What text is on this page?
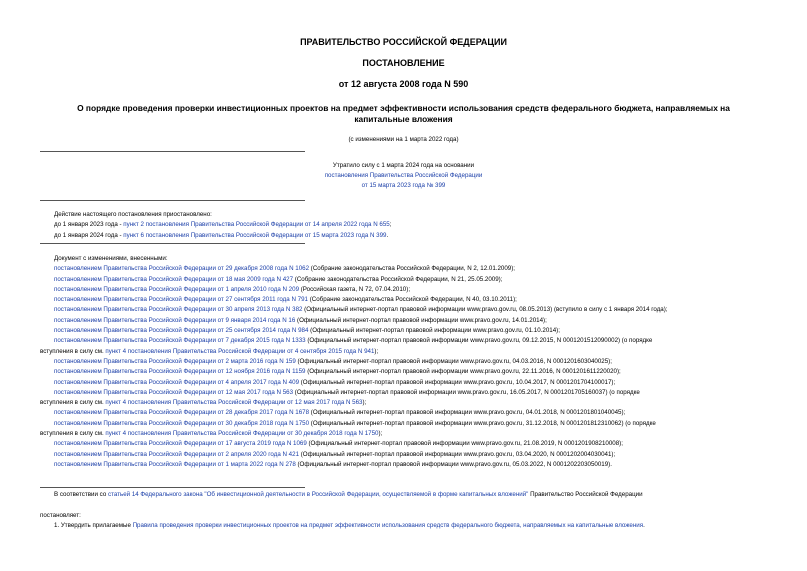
ПРАВИТЕЛЬСТВО РОССИЙСКОЙ ФЕДЕРАЦИИ
ПОСТАНОВЛЕНИЕ
от 12 августа 2008 года N 590
О порядке проведения проверки инвестиционных проектов на предмет эффективности использования средств федерального бюджета, направляемых на
капитальные вложения
(с изменениями на 1 марта 2022 года)
Утратило силу с 1 марта 2024 года на основании
постановления Правительства Российской Федерации
от 15 марта 2023 года № 399
Действие настоящего постановления приостановлено:
до 1 января 2023 года - пункт 2 постановления Правительства Российской Федерации от 14 апреля 2022 года N 655;
до 1 января 2024 года - пункт 6 постановления Правительства Российской Федерации от 15 марта 2023 года N 399.
Документ с изменениями, внесенными:
постановлением Правительства Российской Федерации от 29 декабря 2008 года N 1062 (Собрание законодательства Российской Федерации, N 2, 12.01.2009);
постановлением Правительства Российской Федерации от 18 мая 2009 года N 427 (Собрание законодательства Российской Федерации, N 21, 25.05.2009);
постановлением Правительства Российской Федерации от 1 апреля 2010 года N 209 (Российская газета, N 72, 07.04.2010);
постановлением Правительства Российской Федерации от 27 сентября 2011 года N 791 (Собрание законодательства Российской Федерации, N 40, 03.10.2011);
постановлением Правительства Российской Федерации от 30 апреля 2013 года N 382 (Официальный интернет-портал правовой информации www.pravo.gov.ru, 08.05.2013) (вступило в силу с 1 января 2014 года);
постановлением Правительства Российской Федерации от 9 января 2014 года N 16 (Официальный интернет-портал правовой информации www.pravo.gov.ru, 14.01.2014);
постановлением Правительства Российской Федерации от 25 сентября 2014 года N 984 (Официальный интернет-портал правовой информации www.pravo.gov.ru, 01.10.2014);
постановлением Правительства Российской Федерации от 7 декабря 2015 года N 1333 (Официальный интернет-портал правовой информации www.pravo.gov.ru, 09.12.2015, N 0001201512090002) (о порядке
вступления в силу см. пункт 4 постановления Правительства Российской Федерации от 4 сентября 2015 года N 941);
постановлением Правительства Российской Федерации от 2 марта 2016 года N 159 (Официальный интернет-портал правовой информации www.pravo.gov.ru, 04.03.2016, N 0001201603040025);
постановлением Правительства Российской Федерации от 12 ноября 2016 года N 1159 (Официальный интернет-портал правовой информации www.pravo.gov.ru, 22.11.2016, N 0001201611220020);
постановлением Правительства Российской Федерации от 4 апреля 2017 года N 409 (Официальный интернет-портал правовой информации www.pravo.gov.ru, 10.04.2017, N 0001201704100017);
постановлением Правительства Российской Федерации от 12 мая 2017 года N 563 (Официальный интернет-портал правовой информации www.pravo.gov.ru, 16.05.2017, N 0001201705160037) (о порядке
вступления в силу см. пункт 4 постановления Правительства Российской Федерации от 12 мая 2017 года N 563);
постановлением Правительства Российской Федерации от 28 декабря 2017 года N 1678 (Официальный интернет-портал правовой информации www.pravo.gov.ru, 04.01.2018, N 0001201801040045);
постановлением Правительства Российской Федерации от 30 декабря 2018 года N 1750 (Официальный интернет-портал правовой информации www.pravo.gov.ru, 31.12.2018, N 0001201812310062) (о порядке
вступления в силу см. пункт 4 постановления Правительства Российской Федерации от 30 декабря 2018 года N 1750);
постановлением Правительства Российской Федерации от 17 августа 2019 года N 1069 (Официальный интернет-портал правовой информации www.pravo.gov.ru, 21.08.2019, N 0001201908210008);
постановлением Правительства Российской Федерации от 2 апреля 2020 года N 421 (Официальный интернет-портал правовой информации www.pravo.gov.ru, 03.04.2020, N 0001202004030041);
постановлением Правительства Российской Федерации от 1 марта 2022 года N 278 (Официальный интернет-портал правовой информации www.pravo.gov.ru, 05.03.2022, N 0001202203050019).
В соответствии со статьей 14 Федерального закона "Об инвестиционной деятельности в Российской Федерации, осуществляемой в форме капитальных вложений" Правительство Российской Федерации
постановляет:
1. Утвердить прилагаемые Правила проведения проверки инвестиционных проектов на предмет эффективности использования средств федерального бюджета, направляемых на капитальные вложения.
